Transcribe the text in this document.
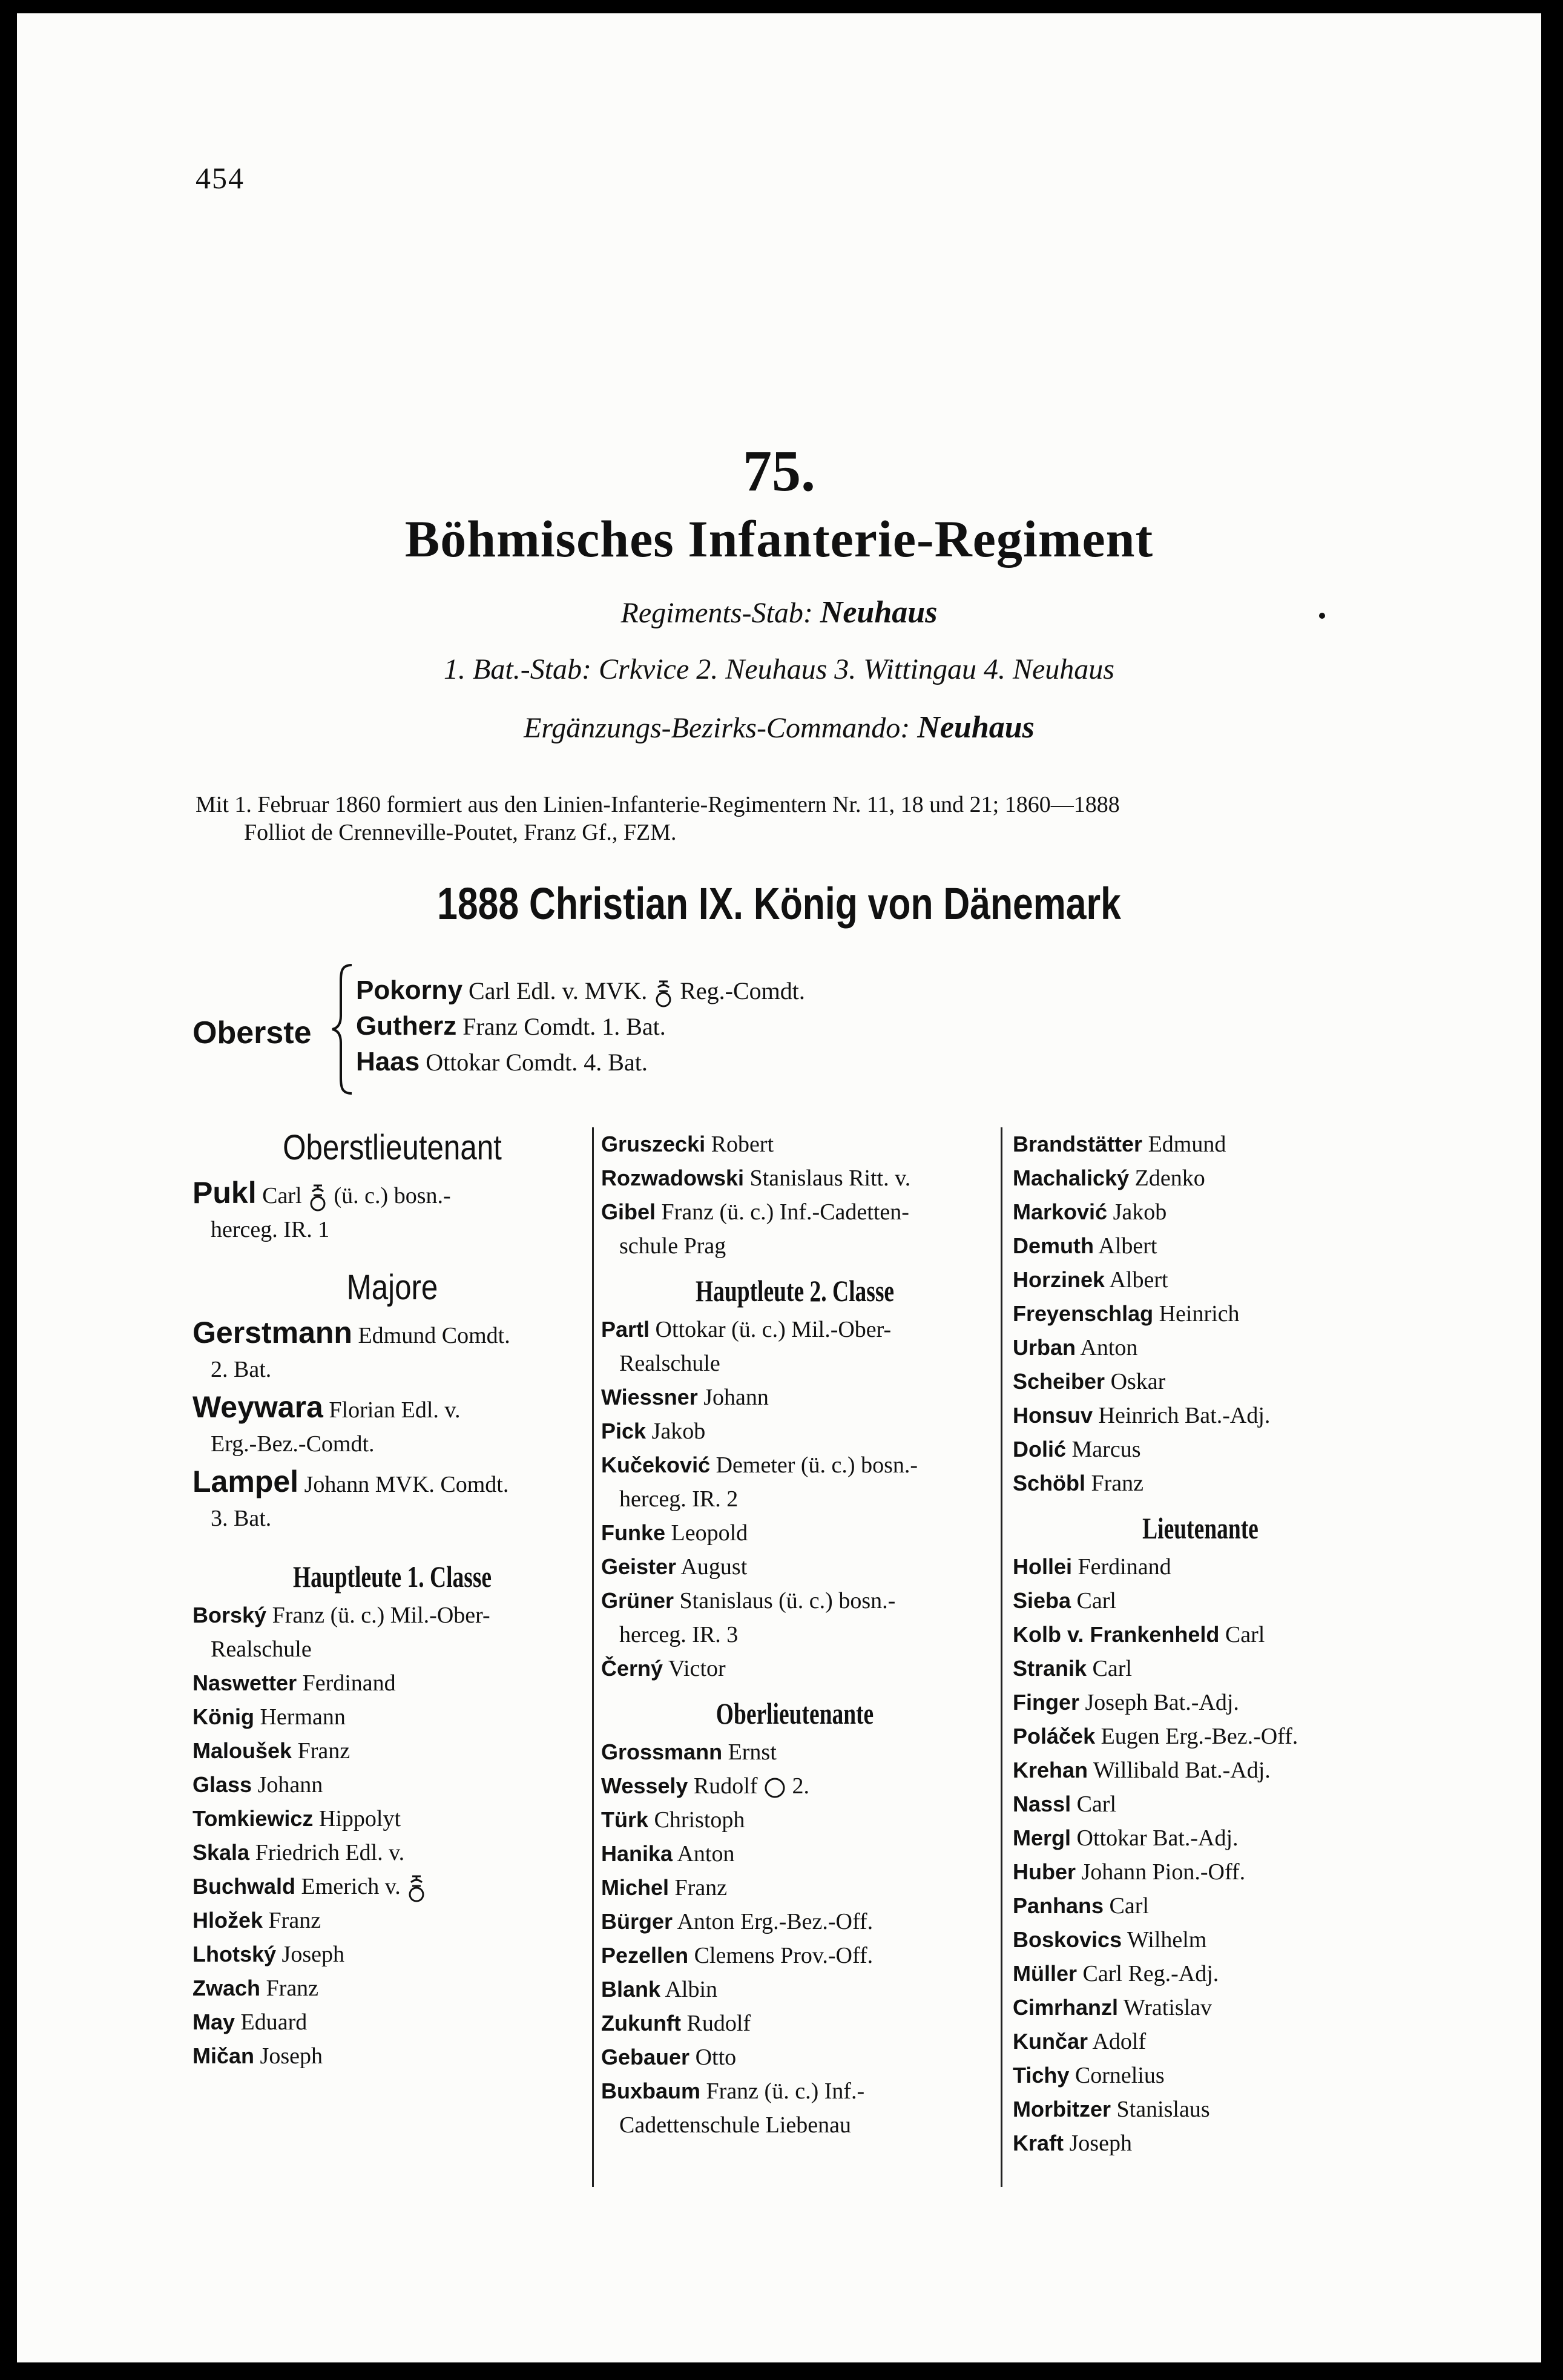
454
75.
Böhmisches Infanterie-Regiment
Regiments-Stab: Neuhaus
1. Bat.-Stab: Crkvice 2. Neuhaus 3. Wittingau 4. Neuhaus
Ergänzungs-Bezirks-Commando: Neuhaus
Mit 1. Februar 1860 formiert aus den Linien-Infanterie-Regimentern Nr. 11, 18 und 21; 1860—1888
Folliot de Crenneville-Poutet, Franz Gf., FZM.
1888 Christian IX. König von Dänemark
Oberste
Pokorny Carl Edl. v. MVK. Reg.-Comdt.
Gutherz Franz Comdt. 1. Bat.
Haas Ottokar Comdt. 4. Bat.
Oberstlieutenant
Pukl Carl (ü. c.) bosn.-
herceg. IR. 1
Majore
Gerstmann Edmund Comdt.
2. Bat.
Weywara Florian Edl. v.
Erg.-Bez.-Comdt.
Lampel Johann MVK. Comdt.
3. Bat.
Hauptleute 1. Classe
Borský Franz (ü. c.) Mil.-Ober-
Realschule
Naswetter Ferdinand
König Hermann
Maloušek Franz
Glass Johann
Tomkiewicz Hippolyt
Skala Friedrich Edl. v.
Buchwald Emerich v.
Hložek Franz
Lhotský Joseph
Zwach Franz
May Eduard
Mičan Joseph
Gruszecki Robert
Rozwadowski Stanislaus Ritt. v.
Gibel Franz (ü. c.) Inf.-Cadetten-
schule Prag
Hauptleute 2. Classe
Partl Ottokar (ü. c.) Mil.-Ober-
Realschule
Wiessner Johann
Pick Jakob
Kučeković Demeter (ü. c.) bosn.-
herceg. IR. 2
Funke Leopold
Geister August
Grüner Stanislaus (ü. c.) bosn.-
herceg. IR. 3
Černý Victor
Oberlieutenante
Grossmann Ernst
Wessely Rudolf 2.
Türk Christoph
Hanika Anton
Michel Franz
Bürger Anton Erg.-Bez.-Off.
Pezellen Clemens Prov.-Off.
Blank Albin
Zukunft Rudolf
Gebauer Otto
Buxbaum Franz (ü. c.) Inf.-
Cadettenschule Liebenau
Brandstätter Edmund
Machalický Zdenko
Marković Jakob
Demuth Albert
Horzinek Albert
Freyenschlag Heinrich
Urban Anton
Scheiber Oskar
Honsuv Heinrich Bat.-Adj.
Dolić Marcus
Schöbl Franz
Lieutenante
Hollei Ferdinand
Sieba Carl
Kolb v. Frankenheld Carl
Stranik Carl
Finger Joseph Bat.-Adj.
Poláček Eugen Erg.-Bez.-Off.
Krehan Willibald Bat.-Adj.
Nassl Carl
Mergl Ottokar Bat.-Adj.
Huber Johann Pion.-Off.
Panhans Carl
Boskovics Wilhelm
Müller Carl Reg.-Adj.
Cimrhanzl Wratislav
Kunčar Adolf
Tichy Cornelius
Morbitzer Stanislaus
Kraft Joseph
